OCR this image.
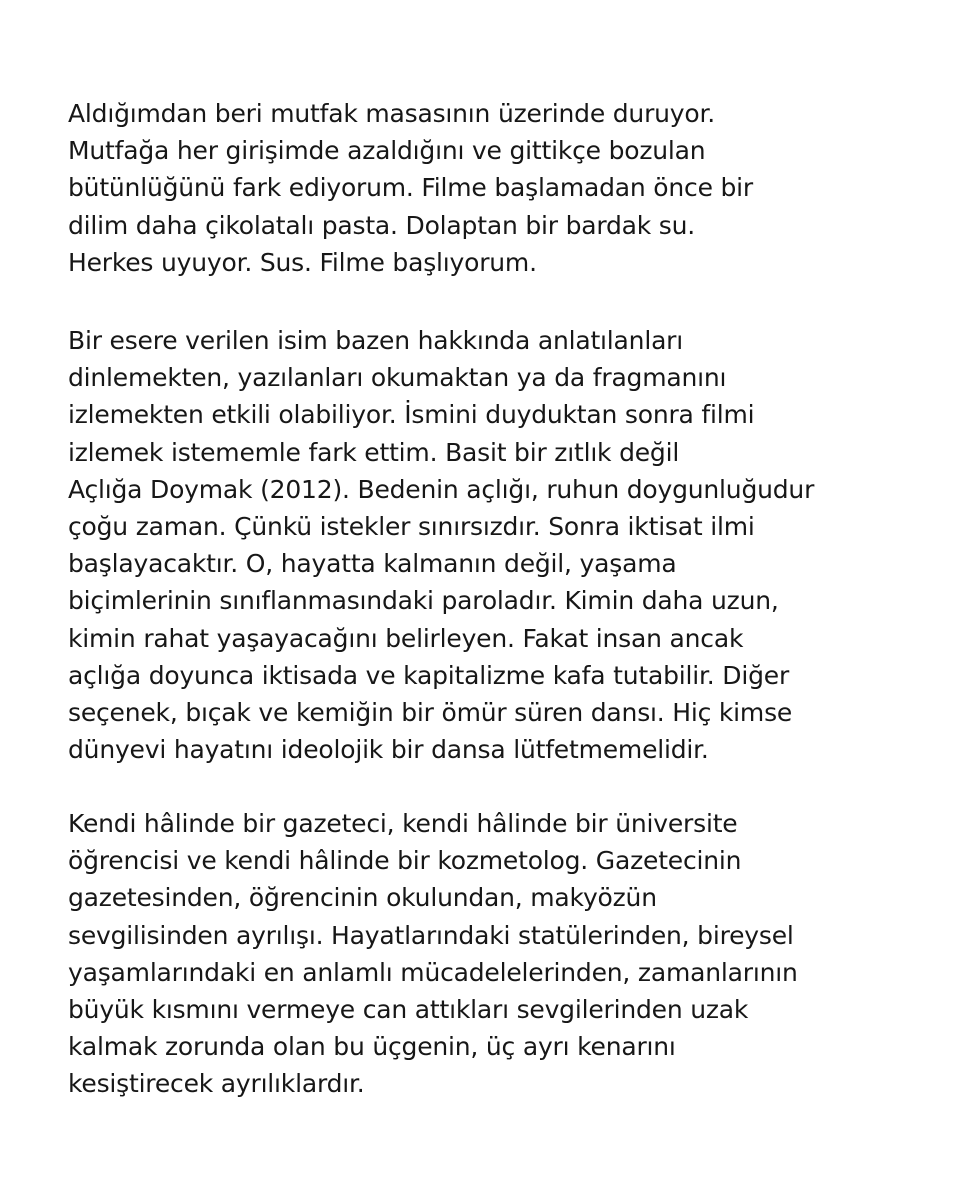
Aldığımdan beri mutfak masasının üzerinde duruyor.
Mutfağa her girişimde azaldığını ve gittikçe bozulan
bütünlüğünü fark ediyorum. Filme başlamadan önce bir
dilim daha çikolatalı pasta. Dolaptan bir bardak su.
Herkes uyuyor. Sus. Filme başlıyorum.

Bir esere verilen isim bazen hakkında anlatılanları
dinlemekten, yazılanları okumaktan ya da fragmanını
izlemekten etkili olabiliyor. İsmini duyduktan sonra filmi
izlemek istememle fark ettim. Basit bir zıtlık değil
Açlığa Doymak (2012). Bedenin açlığı, ruhun doygunluğudur
çoğu zaman. Çünkü istekler sınırsızdır. Sonra iktisat ilmi
başlayacaktır. O, hayatta kalmanın değil, yaşama
biçimlerinin sınıflanmasındaki paroladır. Kimin daha uzun,
kimin rahat yaşayacağını belirleyen. Fakat insan ancak
açlığa doyunca iktisada ve kapitalizme kafa tutabilir. Diğer
seçenek, bıçak ve kemiğin bir ömür süren dansı. Hiç kimse
dünyevi hayatını ideolojik bir dansa lütfetmemelidir.

Kendi hâlinde bir gazeteci, kendi hâlinde bir üniversite
öğrencisi ve kendi hâlinde bir kozmetolog. Gazetecinin
gazetesinden, öğrencinin okulundan, makyözün
sevgilisinden ayrılışı. Hayatlarındaki statülerinden, bireysel
yaşamlarındaki en anlamlı mücadelelerinden, zamanlarının
büyük kısmını vermeye can attıkları sevgilerinden uzak
kalmak zorunda olan bu üçgenin, üç ayrı kenarını
kesiştirecek ayrılıklardır.
